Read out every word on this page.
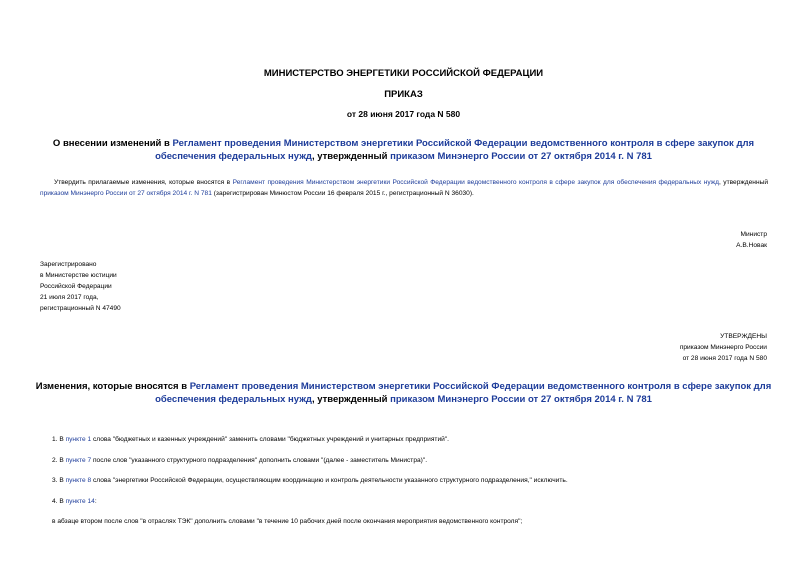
МИНИСТЕРСТВО ЭНЕРГЕТИКИ РОССИЙСКОЙ ФЕДЕРАЦИИ
ПРИКАЗ
от 28 июня 2017 года N 580
О внесении изменений в Регламент проведения Министерством энергетики Российской Федерации ведомственного контроля в сфере закупок для обеспечения федеральных нужд, утвержденный приказом Минэнерго России от 27 октября 2014 г. N 781
Утвердить прилагаемые изменения, которые вносятся в Регламент проведения Министерством энергетики Российской Федерации ведомственного контроля в сфере закупок для обеспечения федеральных нужд, утвержденный приказом Минэнерго России от 27 октября 2014 г. N 781 (зарегистрирован Минюстом России 16 февраля 2015 г., регистрационный N 36030).
Министр
А.В.Новак
Зарегистрировано
в Министерстве юстиции
Российской Федерации
21 июля 2017 года,
регистрационный N 47490
УТВЕРЖДЕНЫ
приказом Минэнерго России
от 28 июня 2017 года N 580
Изменения, которые вносятся в Регламент проведения Министерством энергетики Российской Федерации ведомственного контроля в сфере закупок для обеспечения федеральных нужд, утвержденный приказом Минэнерго России от 27 октября 2014 г. N 781
1. В пункте 1 слова "бюджетных и казенных учреждений" заменить словами "бюджетных учреждений и унитарных предприятий".
2. В пункте 7 после слов "указанного структурного подразделения" дополнить словами "(далее - заместитель Министра)".
3. В пункте 8 слова "энергетики Российской Федерации, осуществляющим координацию и контроль деятельности указанного структурного подразделения," исключить.
4. В пункте 14:
в абзаце втором после слов "в отраслях ТЭК" дополнить словами "в течение 10 рабочих дней после окончания мероприятия ведомственного контроля";
